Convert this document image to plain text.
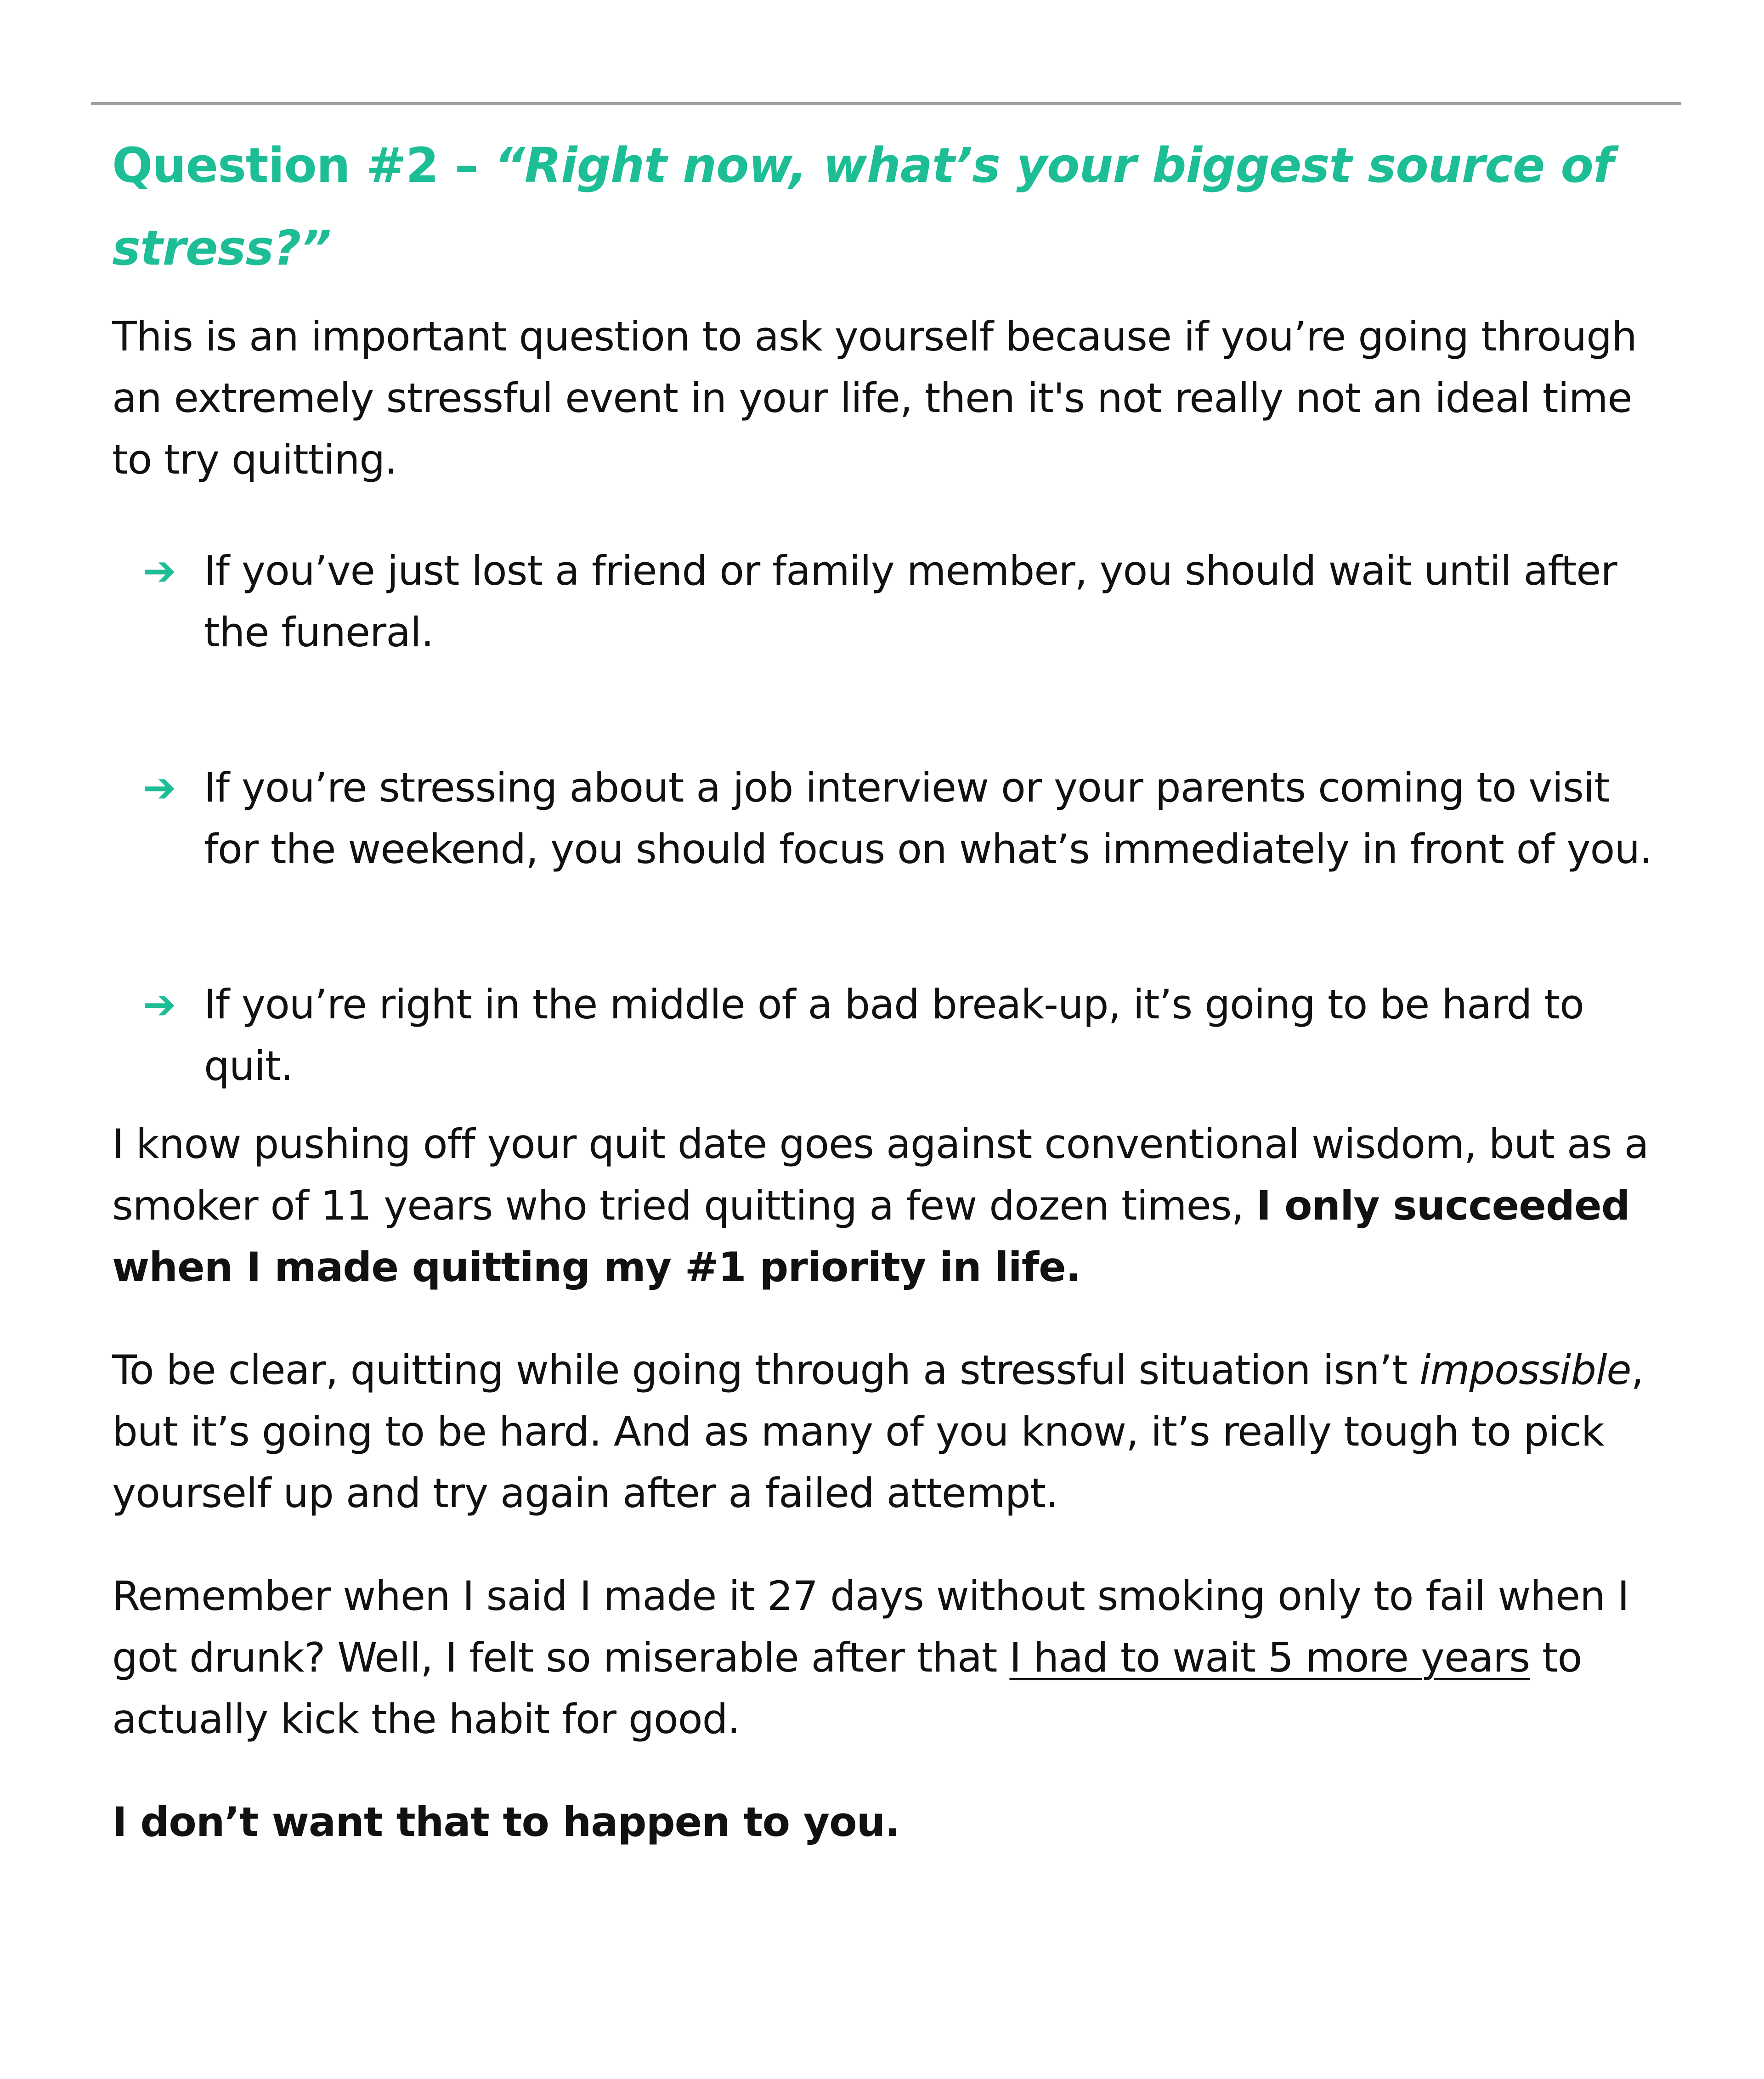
Question #2 – “Right now, what’s your biggest source of stress?”

This is an important question to ask yourself because if you’re going through an extremely stressful event in your life, then it's not really not an ideal time to try quitting.

➔ If you’ve just lost a friend or family member, you should wait until after the funeral.
➔ If you’re stressing about a job interview or your parents coming to visit for the weekend, you should focus on what’s immediately in front of you.
➔ If you’re right in the middle of a bad break-up, it’s going to be hard to quit.

I know pushing off your quit date goes against conventional wisdom, but as a smoker of 11 years who tried quitting a few dozen times, I only succeeded when I made quitting my #1 priority in life.

To be clear, quitting while going through a stressful situation isn’t impossible, but it’s going to be hard. And as many of you know, it’s really tough to pick yourself up and try again after a failed attempt.

Remember when I said I made it 27 days without smoking only to fail when I got drunk? Well, I felt so miserable after that I had to wait 5 more years to actually kick the habit for good.

I don’t want that to happen to you.
